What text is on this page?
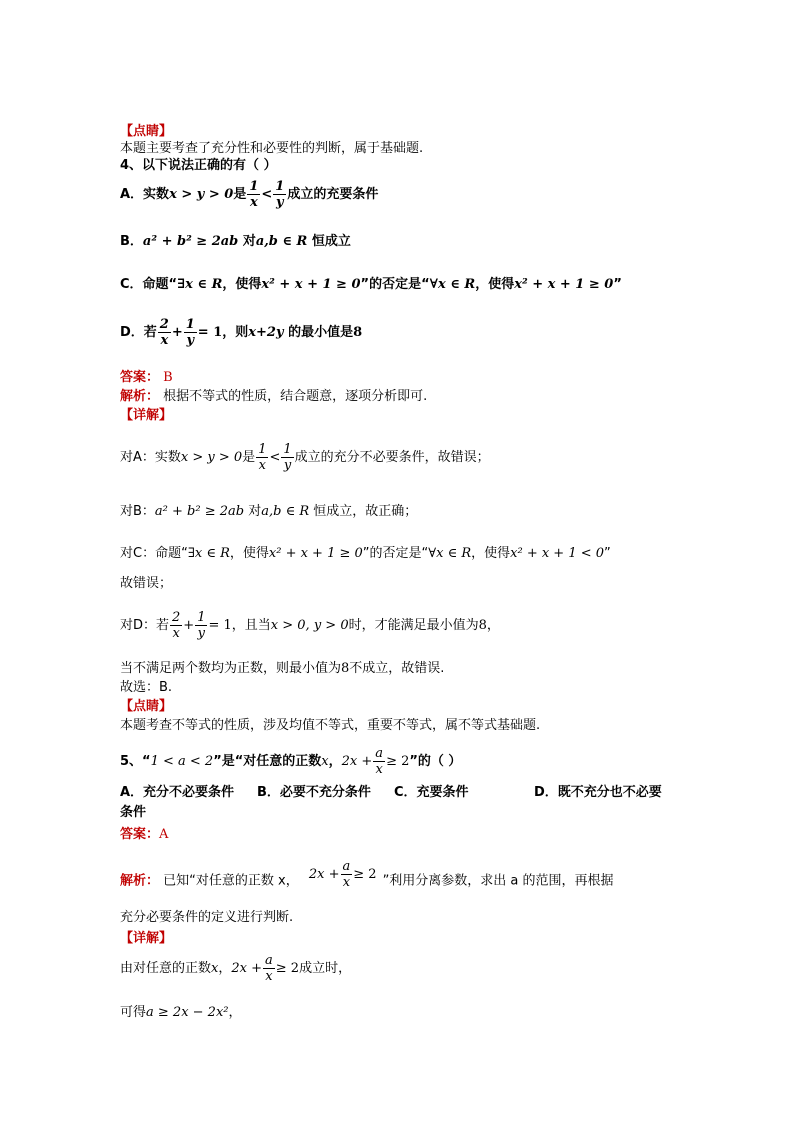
【点睛】
本题主要考查了充分性和必要性的判断，属于基础题.
4、以下说法正确的有（ ）
A．实数x > y > 0是 $\frac{1}{x} < \frac{1}{y}$ 成立的充要条件
B．a² + b² ≥ 2ab 对a,b ∈ R 恒成立
C．命题“∃x ∈ R，使得x² + x + 1 ≥ 0”的否定是“∀x ∈ R，使得x² + x + 1 ≥ 0”
D．若 $\frac{2}{x} + \frac{1}{y} = 1$，则x+2y 的最小值是8
答案： B
解析： 根据不等式的性质，结合题意，逐项分析即可.
【详解】
对A：实数x > y > 0是 $\frac{1}{x} < \frac{1}{y}$ 成立的充分不必要条件，故错误；
对B：a² + b² ≥ 2ab 对a,b ∈ R 恒成立，故正确；
对C：命题“∃x ∈ R，使得x² + x + 1 ≥ 0”的否定是“∀x ∈ R，使得x² + x + 1 < 0”
故错误；
对D：若 $\frac{2}{x} + \frac{1}{y} = 1$，且当x > 0, y > 0时，才能满足最小值为8，
当不满足两个数均为正数，则最小值为8不成立，故错误.
故选：B.
【点睛】
本题考查不等式的性质，涉及均值不等式，重要不等式，属不等式基础题.
5、“1 < a < 2”是“对任意的正数x，$2x + \frac{a}{x} \ge 2$”的（ ）
A．充分不必要条件 B．必要不充分条件 C．充要条件	D．既不充分也不必要
条件
答案：A
解析： 已知“对任意的正数 x， $2x + \frac{a}{x} \ge 2$ ”利用分离参数，求出 a 的范围，再根据
充分必要条件的定义进行判断.
【详解】
由对任意的正数x，$2x + \frac{a}{x} \ge 2$成立时，
可得a ≥ 2x − 2x²，
